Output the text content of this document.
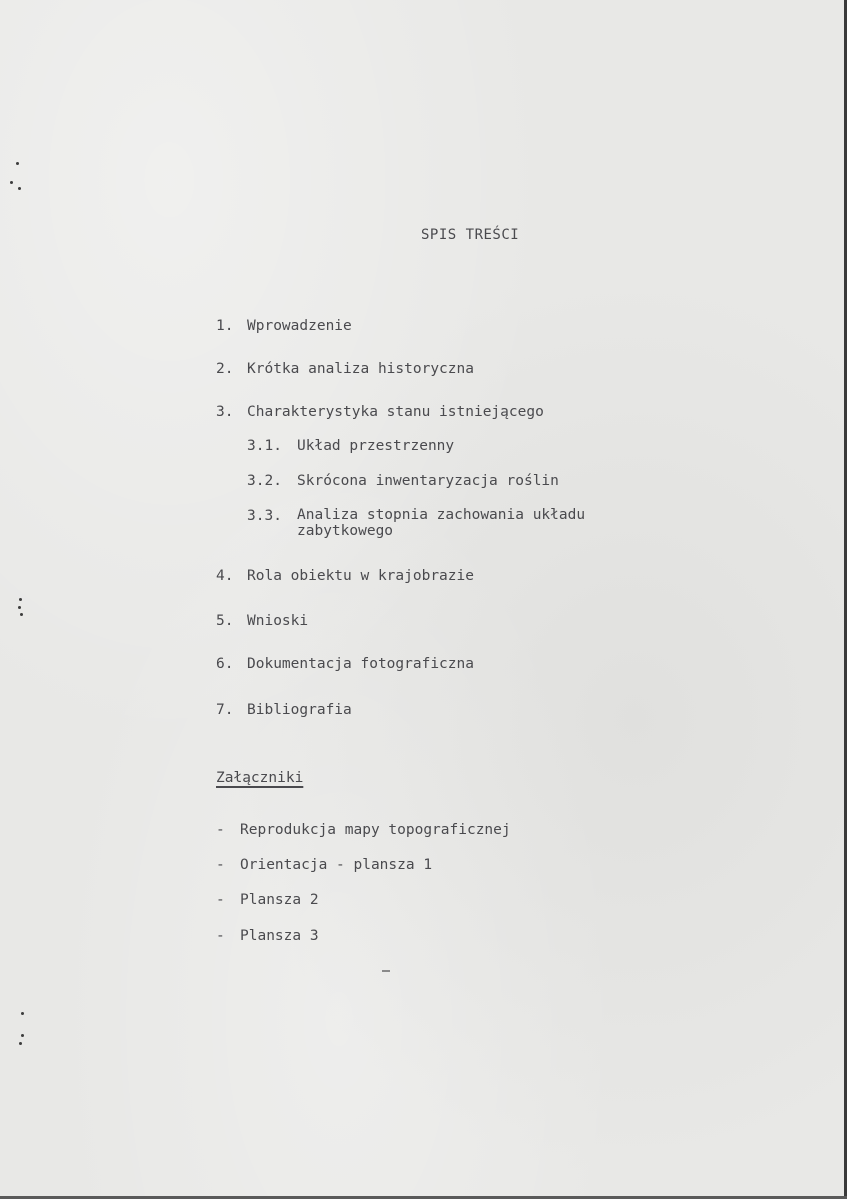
SPIS TREŚCI
1. Wprowadzenie
2. Krótka analiza historyczna
3. Charakterystyka stanu istniejącego
3.1. Układ przestrzenny
3.2. Skrócona inwentaryzacja roślin
3.3. Analiza stopnia zachowania układu zabytkowego
4. Rola obiektu w krajobrazie
5. Wnioski
6. Dokumentacja fotograficzna
7. Bibliografia
Załączniki
- Reprodukcja mapy topograficznej
- Orientacja - plansza 1
- Plansza 2
- Plansza 3
